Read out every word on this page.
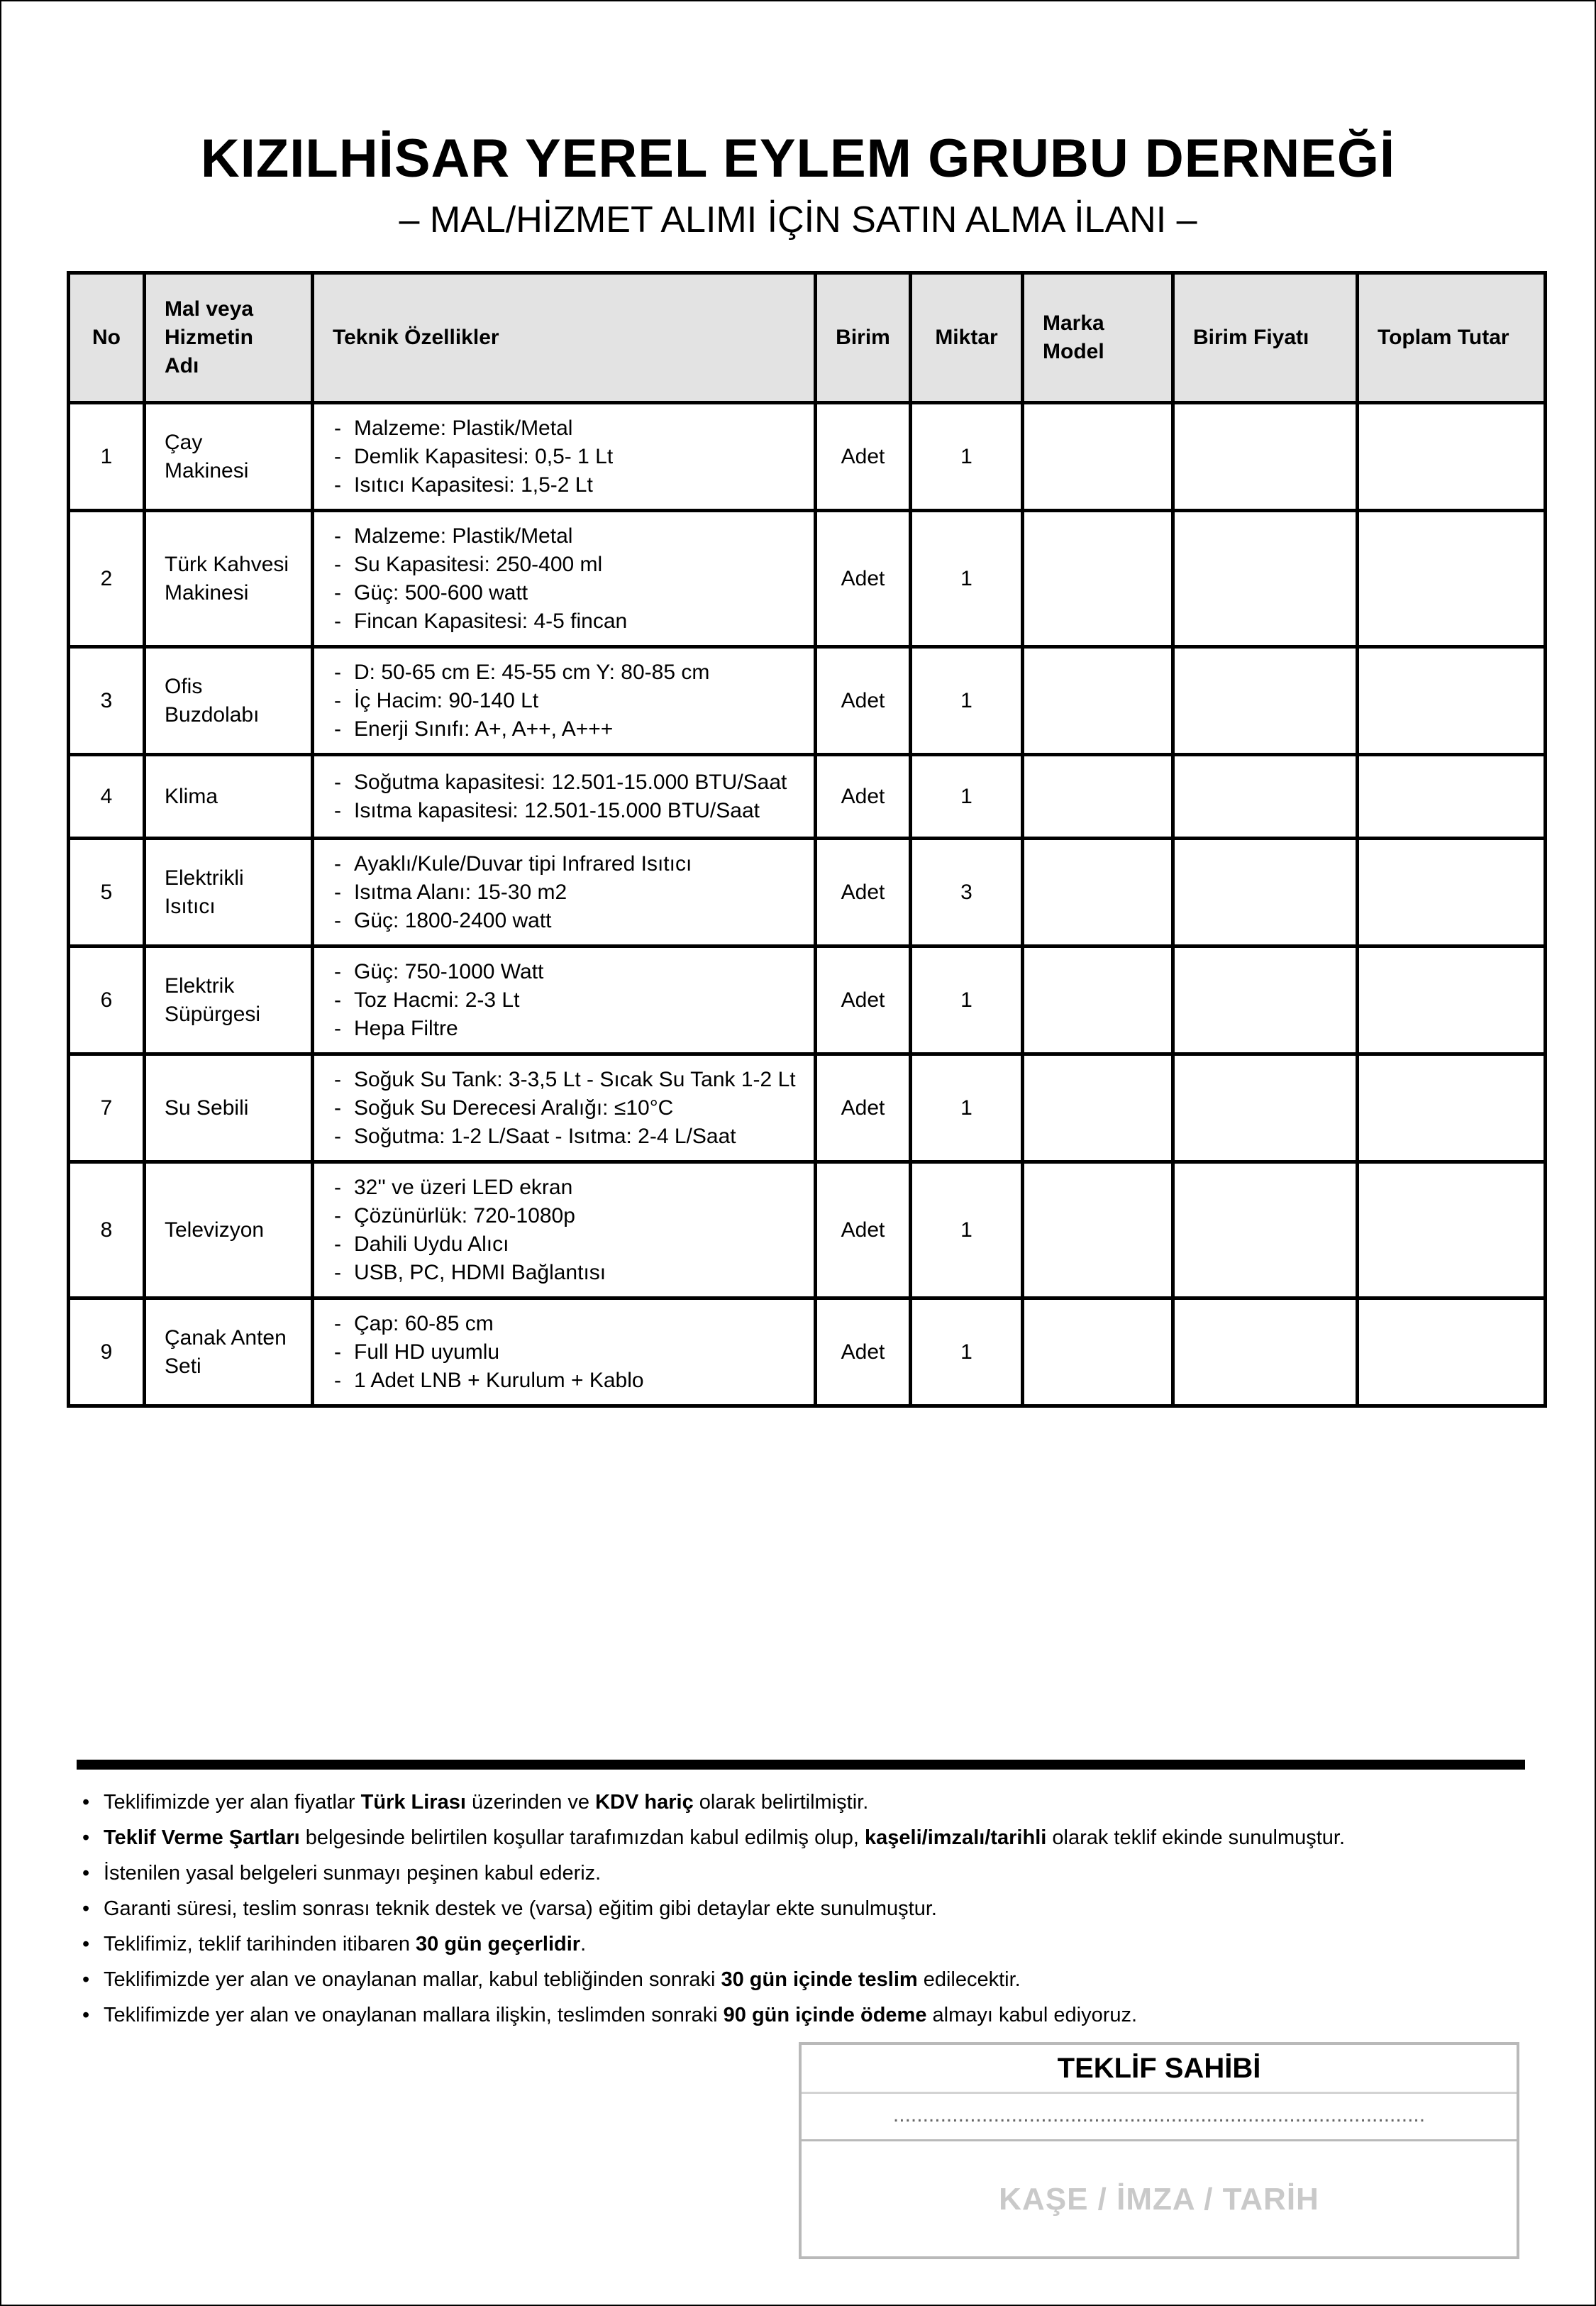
KIZILHİSAR YEREL EYLEM GRUBU DERNEĞİ
– MAL/HİZMET ALIMI İÇİN SATIN ALMA İLANI –
No	Mal veya Hizmetin Adı	Teknik Özellikler	Birim	Miktar	Marka Model	Birim Fiyatı	Toplam Tutar
1	Çay Makinesi	- Malzeme: Plastik/Metal
- Demlik Kapasitesi: 0,5- 1 Lt
- Isıtıcı Kapasitesi: 1,5-2 Lt	Adet	1			
2	Türk Kahvesi Makinesi	- Malzeme: Plastik/Metal
- Su Kapasitesi: 250-400 ml
- Güç: 500-600 watt
- Fincan Kapasitesi: 4-5 fincan	Adet	1			
3	Ofis Buzdolabı	- D: 50-65 cm E: 45-55 cm Y: 80-85 cm
- İç Hacim: 90-140 Lt
- Enerji Sınıfı: A+, A++, A+++	Adet	1			
4	Klima	- Soğutma kapasitesi: 12.501-15.000 BTU/Saat
- Isıtma kapasitesi: 12.501-15.000 BTU/Saat	Adet	1			
5	Elektrikli Isıtıcı	- Ayaklı/Kule/Duvar tipi Infrared Isıtıcı
- Isıtma Alanı: 15-30 m2
- Güç: 1800-2400 watt	Adet	3			
6	Elektrik Süpürgesi	- Güç: 750-1000 Watt
- Toz Hacmi: 2-3 Lt
- Hepa Filtre	Adet	1			
7	Su Sebili	- Soğuk Su Tank: 3-3,5 Lt - Sıcak Su Tank 1-2 Lt
- Soğuk Su Derecesi Aralığı: ≤10°C
- Soğutma: 1-2 L/Saat - Isıtma: 2-4 L/Saat	Adet	1			
8	Televizyon	- 32'' ve üzeri LED ekran
- Çözünürlük: 720-1080p
- Dahili Uydu Alıcı
- USB, PC, HDMI Bağlantısı	Adet	1			
9	Çanak Anten Seti	- Çap: 60-85 cm
- Full HD uyumlu
- 1 Adet LNB + Kurulum + Kablo	Adet	1			
• Teklifimizde yer alan fiyatlar Türk Lirası üzerinden ve KDV hariç olarak belirtilmiştir.
• Teklif Verme Şartları belgesinde belirtilen koşullar tarafımızdan kabul edilmiş olup, kaşeli/imzalı/tarihli olarak teklif ekinde sunulmuştur.
• İstenilen yasal belgeleri sunmayı peşinen kabul ederiz.
• Garanti süresi, teslim sonrası teknik destek ve (varsa) eğitim gibi detaylar ekte sunulmuştur.
• Teklifimiz, teklif tarihinden itibaren 30 gün geçerlidir.
• Teklifimizde yer alan ve onaylanan mallar, kabul tebliğinden sonraki 30 gün içinde teslim edilecektir.
• Teklifimizde yer alan ve onaylanan mallara ilişkin, teslimden sonraki 90 gün içinde ödeme almayı kabul ediyoruz.
TEKLİF SAHİBİ
..........................................................................................
KAŞE / İMZA / TARİH
